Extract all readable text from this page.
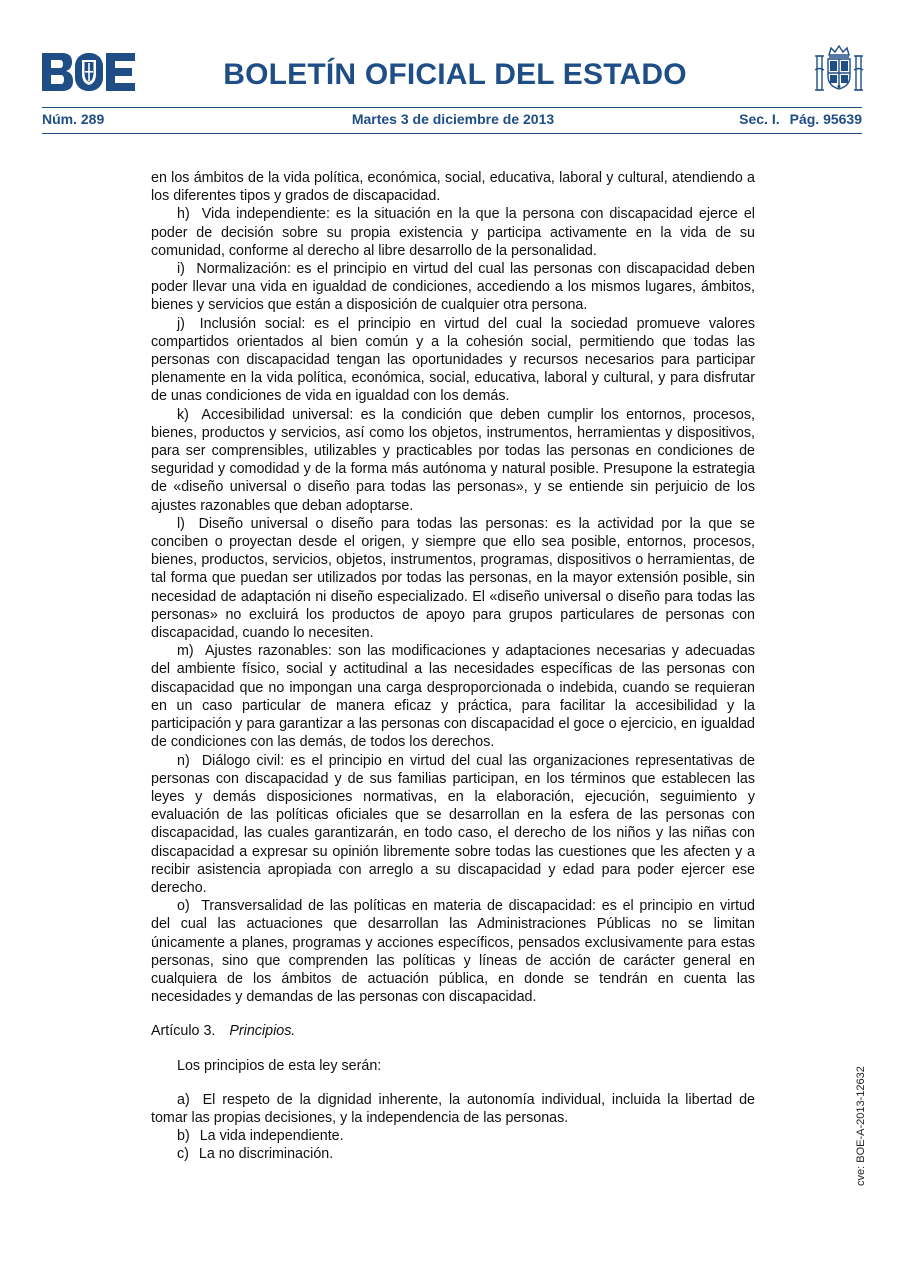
BOLETÍN OFICIAL DEL ESTADO
Núm. 289	Martes 3 de diciembre de 2013	Sec. I. Pág. 95639

en los ámbitos de la vida política, económica, social, educativa, laboral y cultural, atendiendo a los diferentes tipos y grados de discapacidad.

h) Vida independiente: es la situación en la que la persona con discapacidad ejerce el poder de decisión sobre su propia existencia y participa activamente en la vida de su comunidad, conforme al derecho al libre desarrollo de la personalidad.

i) Normalización: es el principio en virtud del cual las personas con discapacidad deben poder llevar una vida en igualdad de condiciones, accediendo a los mismos lugares, ámbitos, bienes y servicios que están a disposición de cualquier otra persona.

j) Inclusión social: es el principio en virtud del cual la sociedad promueve valores compartidos orientados al bien común y a la cohesión social, permitiendo que todas las personas con discapacidad tengan las oportunidades y recursos necesarios para participar plenamente en la vida política, económica, social, educativa, laboral y cultural, y para disfrutar de unas condiciones de vida en igualdad con los demás.

k) Accesibilidad universal: es la condición que deben cumplir los entornos, procesos, bienes, productos y servicios, así como los objetos, instrumentos, herramientas y dispositivos, para ser comprensibles, utilizables y practicables por todas las personas en condiciones de seguridad y comodidad y de la forma más autónoma y natural posible. Presupone la estrategia de «diseño universal o diseño para todas las personas», y se entiende sin perjuicio de los ajustes razonables que deban adoptarse.

l) Diseño universal o diseño para todas las personas: es la actividad por la que se conciben o proyectan desde el origen, y siempre que ello sea posible, entornos, procesos, bienes, productos, servicios, objetos, instrumentos, programas, dispositivos o herramientas, de tal forma que puedan ser utilizados por todas las personas, en la mayor extensión posible, sin necesidad de adaptación ni diseño especializado. El «diseño universal o diseño para todas las personas» no excluirá los productos de apoyo para grupos particulares de personas con discapacidad, cuando lo necesiten.

m) Ajustes razonables: son las modificaciones y adaptaciones necesarias y adecuadas del ambiente físico, social y actitudinal a las necesidades específicas de las personas con discapacidad que no impongan una carga desproporcionada o indebida, cuando se requieran en un caso particular de manera eficaz y práctica, para facilitar la accesibilidad y la participación y para garantizar a las personas con discapacidad el goce o ejercicio, en igualdad de condiciones con las demás, de todos los derechos.

n) Diálogo civil: es el principio en virtud del cual las organizaciones representativas de personas con discapacidad y de sus familias participan, en los términos que establecen las leyes y demás disposiciones normativas, en la elaboración, ejecución, seguimiento y evaluación de las políticas oficiales que se desarrollan en la esfera de las personas con discapacidad, las cuales garantizarán, en todo caso, el derecho de los niños y las niñas con discapacidad a expresar su opinión libremente sobre todas las cuestiones que les afecten y a recibir asistencia apropiada con arreglo a su discapacidad y edad para poder ejercer ese derecho.

o) Transversalidad de las políticas en materia de discapacidad: es el principio en virtud del cual las actuaciones que desarrollan las Administraciones Públicas no se limitan únicamente a planes, programas y acciones específicos, pensados exclusivamente para estas personas, sino que comprenden las políticas y líneas de acción de carácter general en cualquiera de los ámbitos de actuación pública, en donde se tendrán en cuenta las necesidades y demandas de las personas con discapacidad.

Artículo 3. Principios.

Los principios de esta ley serán:

a) El respeto de la dignidad inherente, la autonomía individual, incluida la libertad de tomar las propias decisiones, y la independencia de las personas.

b) La vida independiente.

c) La no discriminación.	cve: BOE-A-2013-12632
